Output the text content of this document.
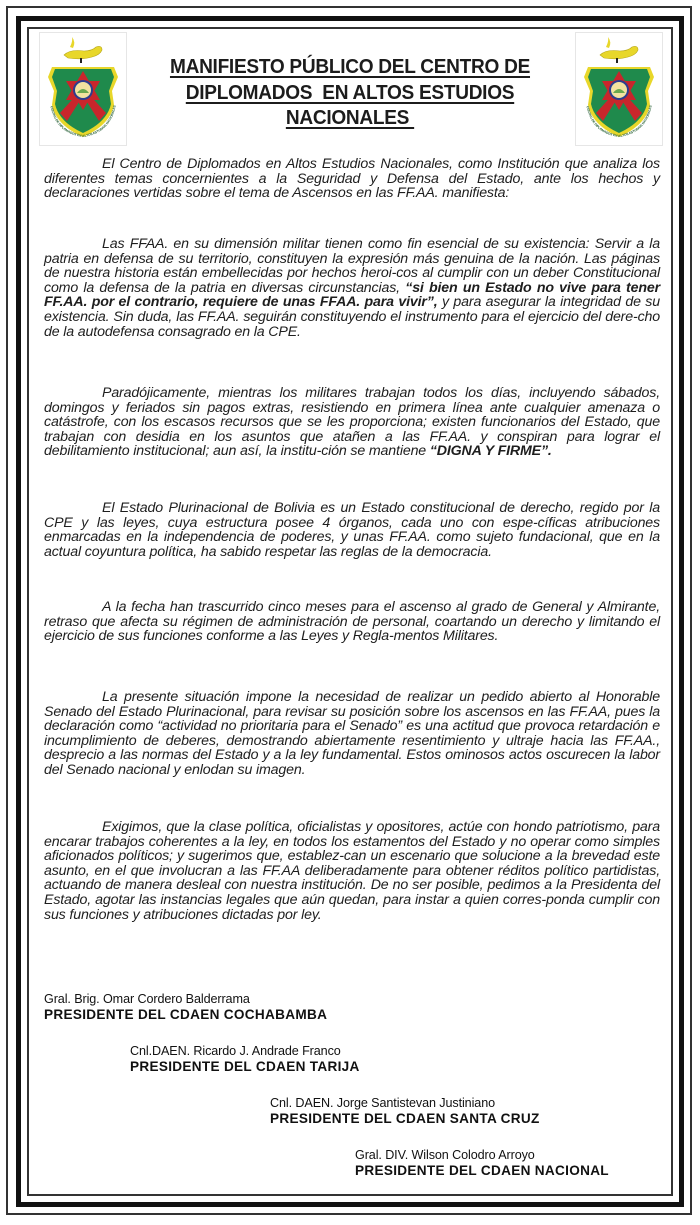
CENTRO DE DIPLOMADOS EN ALTOS ESTUDIOS NACIONALES	CENTRO DE DIPLOMADOS EN ALTOS ESTUDIOS NACIONALES
MANIFIESTO PÚBLICO DEL CENTRO DE
DIPLOMADOS  EN ALTOS ESTUDIOS
NACIONALES

El Centro de Diplomados en Altos Estudios Nacionales, como Institución que analiza los diferentes temas concernientes a la Seguridad y Defensa del Estado, ante los hechos y declaraciones vertidas sobre el tema de Ascensos en las FF.AA. manifiesta:

Las FFAA. en su dimensión militar tienen como fin esencial de su existencia: Servir a la patria en defensa de su territorio, constituyen la expresión más genuina de la nación. Las páginas de nuestra historia están embellecidas por hechos heroi-cos al cumplir con un deber Constitucional como la defensa de la patria en diversas circunstancias, “si bien un Estado no vive para tener FF.AA. por el contrario, requiere de unas FFAA. para vivir”, y para asegurar la integridad de su existencia. Sin duda, las FF.AA. seguirán constituyendo el instrumento para el ejercicio del dere-cho de la autodefensa consagrado en la CPE.

Paradójicamente, mientras los militares trabajan todos los días, incluyendo sábados, domingos y feriados sin pagos extras, resistiendo en primera línea ante cualquier amenaza o catástrofe, con los escasos recursos que se les proporciona; existen funcionarios del Estado, que trabajan con desidia en los asuntos que atañen a las FF.AA. y conspiran para lograr el debilitamiento institucional; aun así, la institu-ción se mantiene “DIGNA Y FIRME”.

El Estado Plurinacional de Bolivia es un Estado constitucional de derecho, regido por la CPE y las leyes, cuya estructura posee 4 órganos, cada uno con espe-cíficas atribuciones enmarcadas en la independencia de poderes, y unas FF.AA. como sujeto fundacional, que en la actual coyuntura política, ha sabido respetar las reglas de la democracia.

A la fecha han trascurrido cinco meses para el ascenso al grado de General y Almirante, retraso que afecta su régimen de administración de personal, coartando un derecho y limitando el ejercicio de sus funciones conforme a las Leyes y Regla-mentos Militares.

La presente situación impone la necesidad de realizar un pedido abierto al Honorable Senado del Estado Plurinacional, para revisar su posición sobre los ascensos en las FF.AA, pues la declaración como “actividad no prioritaria para el Senado” es una actitud que provoca retardación e incumplimiento de deberes, demostrando abiertamente resentimiento y ultraje hacia las FF.AA., desprecio a las normas del Estado y a la ley fundamental. Estos ominosos actos oscurecen la labor del Senado nacional y enlodan su imagen.

Exigimos, que la clase política, oficialistas y opositores, actúe con hondo patriotismo, para encarar trabajos coherentes a la ley, en todos los estamentos del Estado y no operar como simples aficionados políticos; y sugerimos que, establez-can un escenario que solucione a la brevedad este asunto, en el que involucran a las FF.AA deliberadamente para obtener réditos político partidistas, actuando de manera desleal con nuestra institución. De no ser posible, pedimos a la Presidenta del Estado, agotar las instancias legales que aún quedan, para instar a quien corres-ponda cumplir con sus funciones y atribuciones dictadas por ley.

Gral. Brig. Omar Cordero Balderrama
PRESIDENTE DEL CDAEN COCHABAMBA
Cnl.DAEN. Ricardo J. Andrade Franco
PRESIDENTE DEL CDAEN TARIJA
Cnl. DAEN. Jorge Santistevan Justiniano
PRESIDENTE DEL CDAEN SANTA CRUZ
Gral. DIV. Wilson Colodro Arroyo
PRESIDENTE DEL CDAEN NACIONAL
